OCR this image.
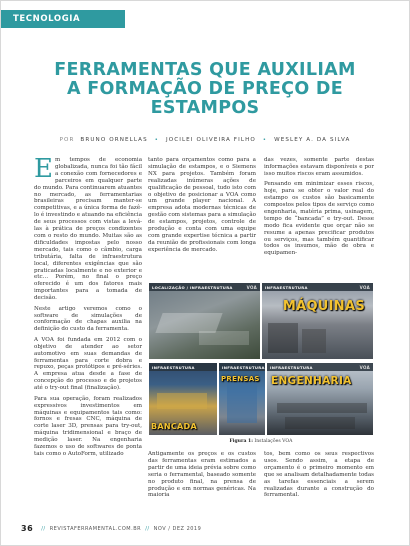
TECNOLOGIA
FERRAMENTAS QUE AUXILIAM
A FORMAÇÃO DE PREÇO DE
ESTAMPOS
POR BRUNO ORNELLAS • JOCILEI OLIVEIRA FILHO • WESLEY A. DA SILVA

Em tempos de economia globalizada, nunca foi tão fácil a conexão com fornecedores e parceiros em qualquer parte do mundo. Para continuarem atuantes no mercado, as ferramentarias brasileiras precisam manter-se competitivas, e a única forma de fazê-lo é investindo e atuando na eficiência de seus processos com vistas a levá-las à prática de preços condizentes com o resto do mundo. Muitas são as dificuldades impostas pelo nosso mercado, tais como o câmbio, carga tributária, falta de infraestrutura local, diferentes exigências que são praticadas localmente e no exterior e etc… Porém, no final o preço oferecido é um dos fatores mais importantes para a tomada de decisão.

Neste artigo veremos como o software de simulações de conformação de chapas auxilia na definição do custo da ferramenta.

A VOA foi fundada em 2012 com o objetivo de atender ao setor automotivo em suas demandas de ferramentas para corte dobra e repuxo, peças protótipos e pré-séries. A empresa atua desde a fase de concepção do processo e de projetos até o try-out final (finalização).

Para sua operação, foram realizados expressivos investimentos em máquinas e equipamentos tais como: fornos e fresas CNC, máquina de corte laser 3D, prensas para try-out, máquina tridimensional e braço de medição laser. Na engenharia fazemos o uso de softwares de ponta tais como o AutoForm, utilizado

tanto para orçamentos como para a simulação de estampos, e o Siemens NX para projetos. Também foram realizadas inúmeras ações de qualificação de pessoal, tudo isto com o objetivo de posicionar a VOA como um grande player nacional. A empresa adota modernas técnicas de gestão com sistemas para a simulação de estampos, projetos, controle de produção e conta com uma equipe com grande expertise técnica a partir da reunião de profissionais com longa experiência de mercado.

das vezes, somente parte destas informações estavam disponíveis e por isso muitos riscos eram assumidos.

Pensando em minimizar esses riscos, hoje, para se obter o valor real do estampo os custos são basicamente compostos pelos tipos de serviço como engenharia, matéria prima, usinagem, tempo de “bancada” e try-out. Desse modo fica evidente que orçar não se resume a apenas precificar produtos ou serviços, mas também quantificar todos os insumos, mão de obra e equipamen-

LOCALIZAÇÃO / INFRAESTRUTURA	VOA	INFRAESTRUTURA	VOA
MÁQUINAS
INFRAESTRUTURA
BANCADA
INFRAESTRUTURA
PRENSAS
INFRAESTRUTURA	VOA
ENGENHARIA
Figura 1: Instalações VOA

Antigamente os preços e os custos das ferramentas eram estimados a partir de uma ideia prévia sobre como seria o ferramental, baseado somente no produto final, na prensa de produção e em normas genéricas. Na maioria

tos, bem como os seus respectivos usos. Sendo assim, a etapa de orçamento é o primeiro momento em que se analisam detalhadamente todas as tarefas essenciais a serem realizadas durante a construção do ferramental.

36 // REVISTAFERRAMENTAL.COM.BR // NOV / DEZ 2019
